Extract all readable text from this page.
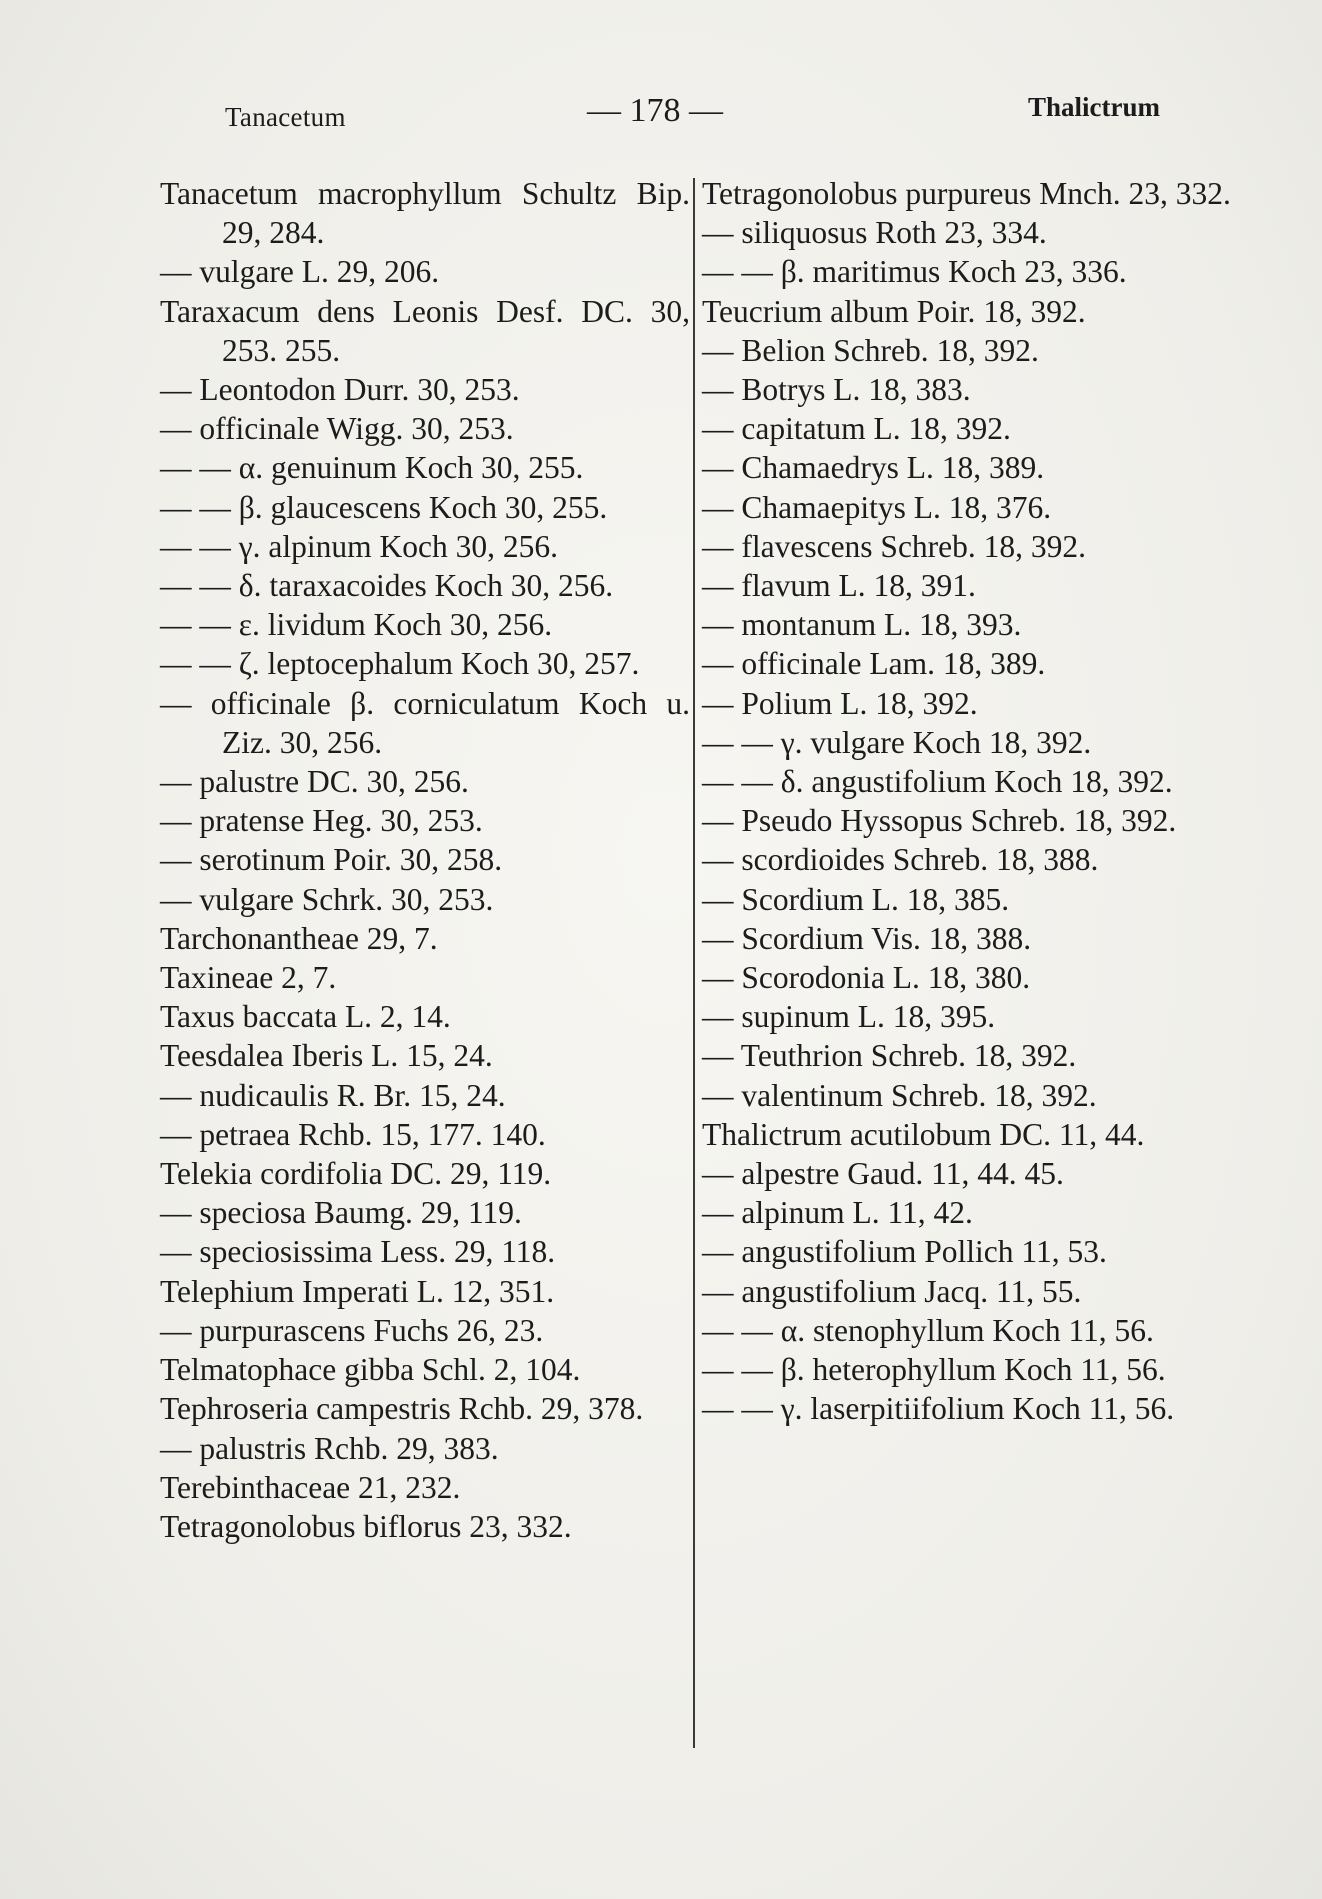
Tanacetum	— 178 —	Thalictrum

Tanacetum macrophyllum Schultz Bip. 29, 284.

— vulgare L. 29, 206.

Taraxacum dens Leonis Desf. DC. 30, 253. 255.

— Leontodon Durr. 30, 253.

— officinale Wigg. 30, 253.

— — α. genuinum Koch 30, 255.

— — β. glaucescens Koch 30, 255.

— — γ. alpinum Koch 30, 256.

— — δ. taraxacoides Koch 30, 256.

— — ε. lividum Koch 30, 256.

— — ζ. leptocephalum Koch 30, 257.

— officinale β. corniculatum Koch u. Ziz. 30, 256.

— palustre DC. 30, 256.

— pratense Heg. 30, 253.

— serotinum Poir. 30, 258.

— vulgare Schrk. 30, 253.

Tarchonantheae 29, 7.

Taxineae 2, 7.

Taxus baccata L. 2, 14.

Teesdalea Iberis L. 15, 24.

— nudicaulis R. Br. 15, 24.

— petraea Rchb. 15, 177. 140.

Telekia cordifolia DC. 29, 119.

— speciosa Baumg. 29, 119.

— speciosissima Less. 29, 118.

Telephium Imperati L. 12, 351.

— purpurascens Fuchs 26, 23.

Telmatophace gibba Schl. 2, 104.

Tephroseria campestris Rchb. 29, 378.

— palustris Rchb. 29, 383.

Terebinthaceae 21, 232.

Tetragonolobus biflorus 23, 332.

Tetragonolobus purpureus Mnch. 23, 332.

— siliquosus Roth 23, 334.

— — β. maritimus Koch 23, 336.

Teucrium album Poir. 18, 392.

— Belion Schreb. 18, 392.

— Botrys L. 18, 383.

— capitatum L. 18, 392.

— Chamaedrys L. 18, 389.

— Chamaepitys L. 18, 376.

— flavescens Schreb. 18, 392.

— flavum L. 18, 391.

— montanum L. 18, 393.

— officinale Lam. 18, 389.

— Polium L. 18, 392.

— — γ. vulgare Koch 18, 392.

— — δ. angustifolium Koch 18, 392.

— Pseudo Hyssopus Schreb. 18, 392.

— scordioides Schreb. 18, 388.

— Scordium L. 18, 385.

— Scordium Vis. 18, 388.

— Scorodonia L. 18, 380.

— supinum L. 18, 395.

— Teuthrion Schreb. 18, 392.

— valentinum Schreb. 18, 392.

Thalictrum acutilobum DC. 11, 44.

— alpestre Gaud. 11, 44. 45.

— alpinum L. 11, 42.

— angustifolium Pollich 11, 53.

— angustifolium Jacq. 11, 55.

— — α. stenophyllum Koch 11, 56.

— — β. heterophyllum Koch 11, 56.

— — γ. laserpitiifolium Koch 11, 56.
